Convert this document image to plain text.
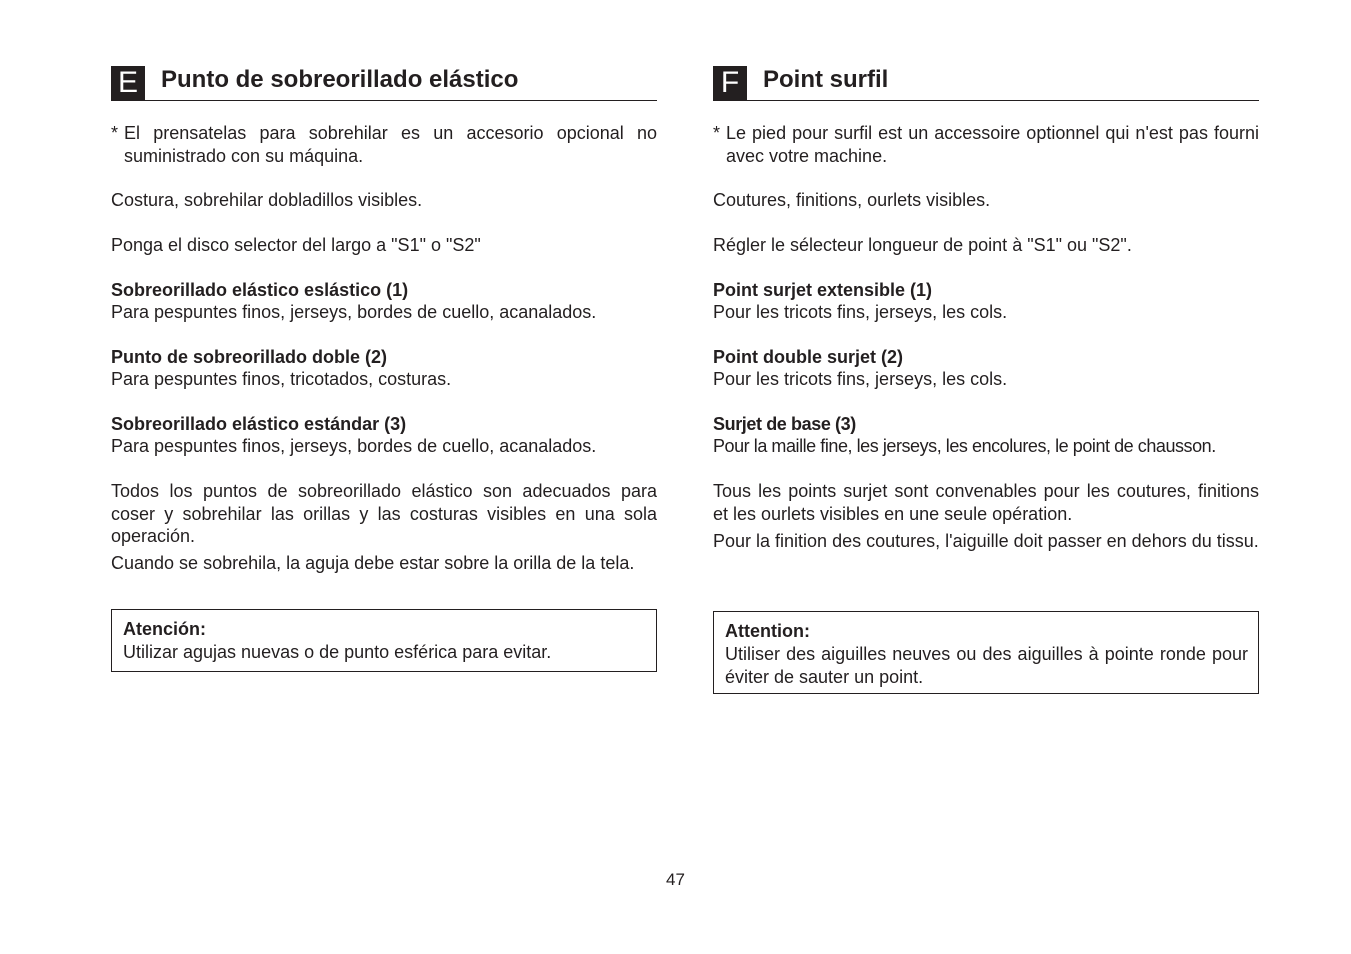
E Punto de sobreorillado elástico
* El prensatelas para sobrehilar es un accesorio opcional no suministrado con su máquina.

Costura, sobrehilar dobladillos visibles.

Ponga el disco selector del largo a "S1" o "S2"

Sobreorillado elástico eslástico (1)

Para pespuntes finos, jerseys, bordes de cuello, acanalados.

Punto de sobreorillado doble (2)

Para pespuntes finos, tricotados, costuras.

Sobreorillado elástico estándar (3)

Para pespuntes finos, jerseys, bordes de cuello, acanalados.

Todos los puntos de sobreorillado elástico son adecuados para coser y sobrehilar las orillas y las costuras visibles en una sola operación.

Cuando se sobrehila, la aguja debe estar sobre la orilla de la tela.

Atención:
Utilizar agujas nuevas o de punto esférica para evitar.
F Point surfil
* Le pied pour surfil est un accessoire optionnel qui n'est pas fourni avec votre machine.

Coutures, finitions, ourlets visibles.

Régler le sélecteur longueur de point à "S1" ou "S2".

Point surjet extensible (1)

Pour les tricots fins, jerseys, les cols.

Point double surjet (2)

Pour les tricots fins, jerseys, les cols.

Surjet de base (3)

Pour la maille fine, les jerseys, les encolures, le point de chausson.

Tous les points surjet sont convenables pour les coutures, finitions et les ourlets visibles en une seule opération.

Pour la finition des coutures, l'aiguille doit passer en dehors du tissu.

Attention:
Utiliser des aiguilles neuves ou des aiguilles à pointe ronde pour éviter de sauter un point.
47
